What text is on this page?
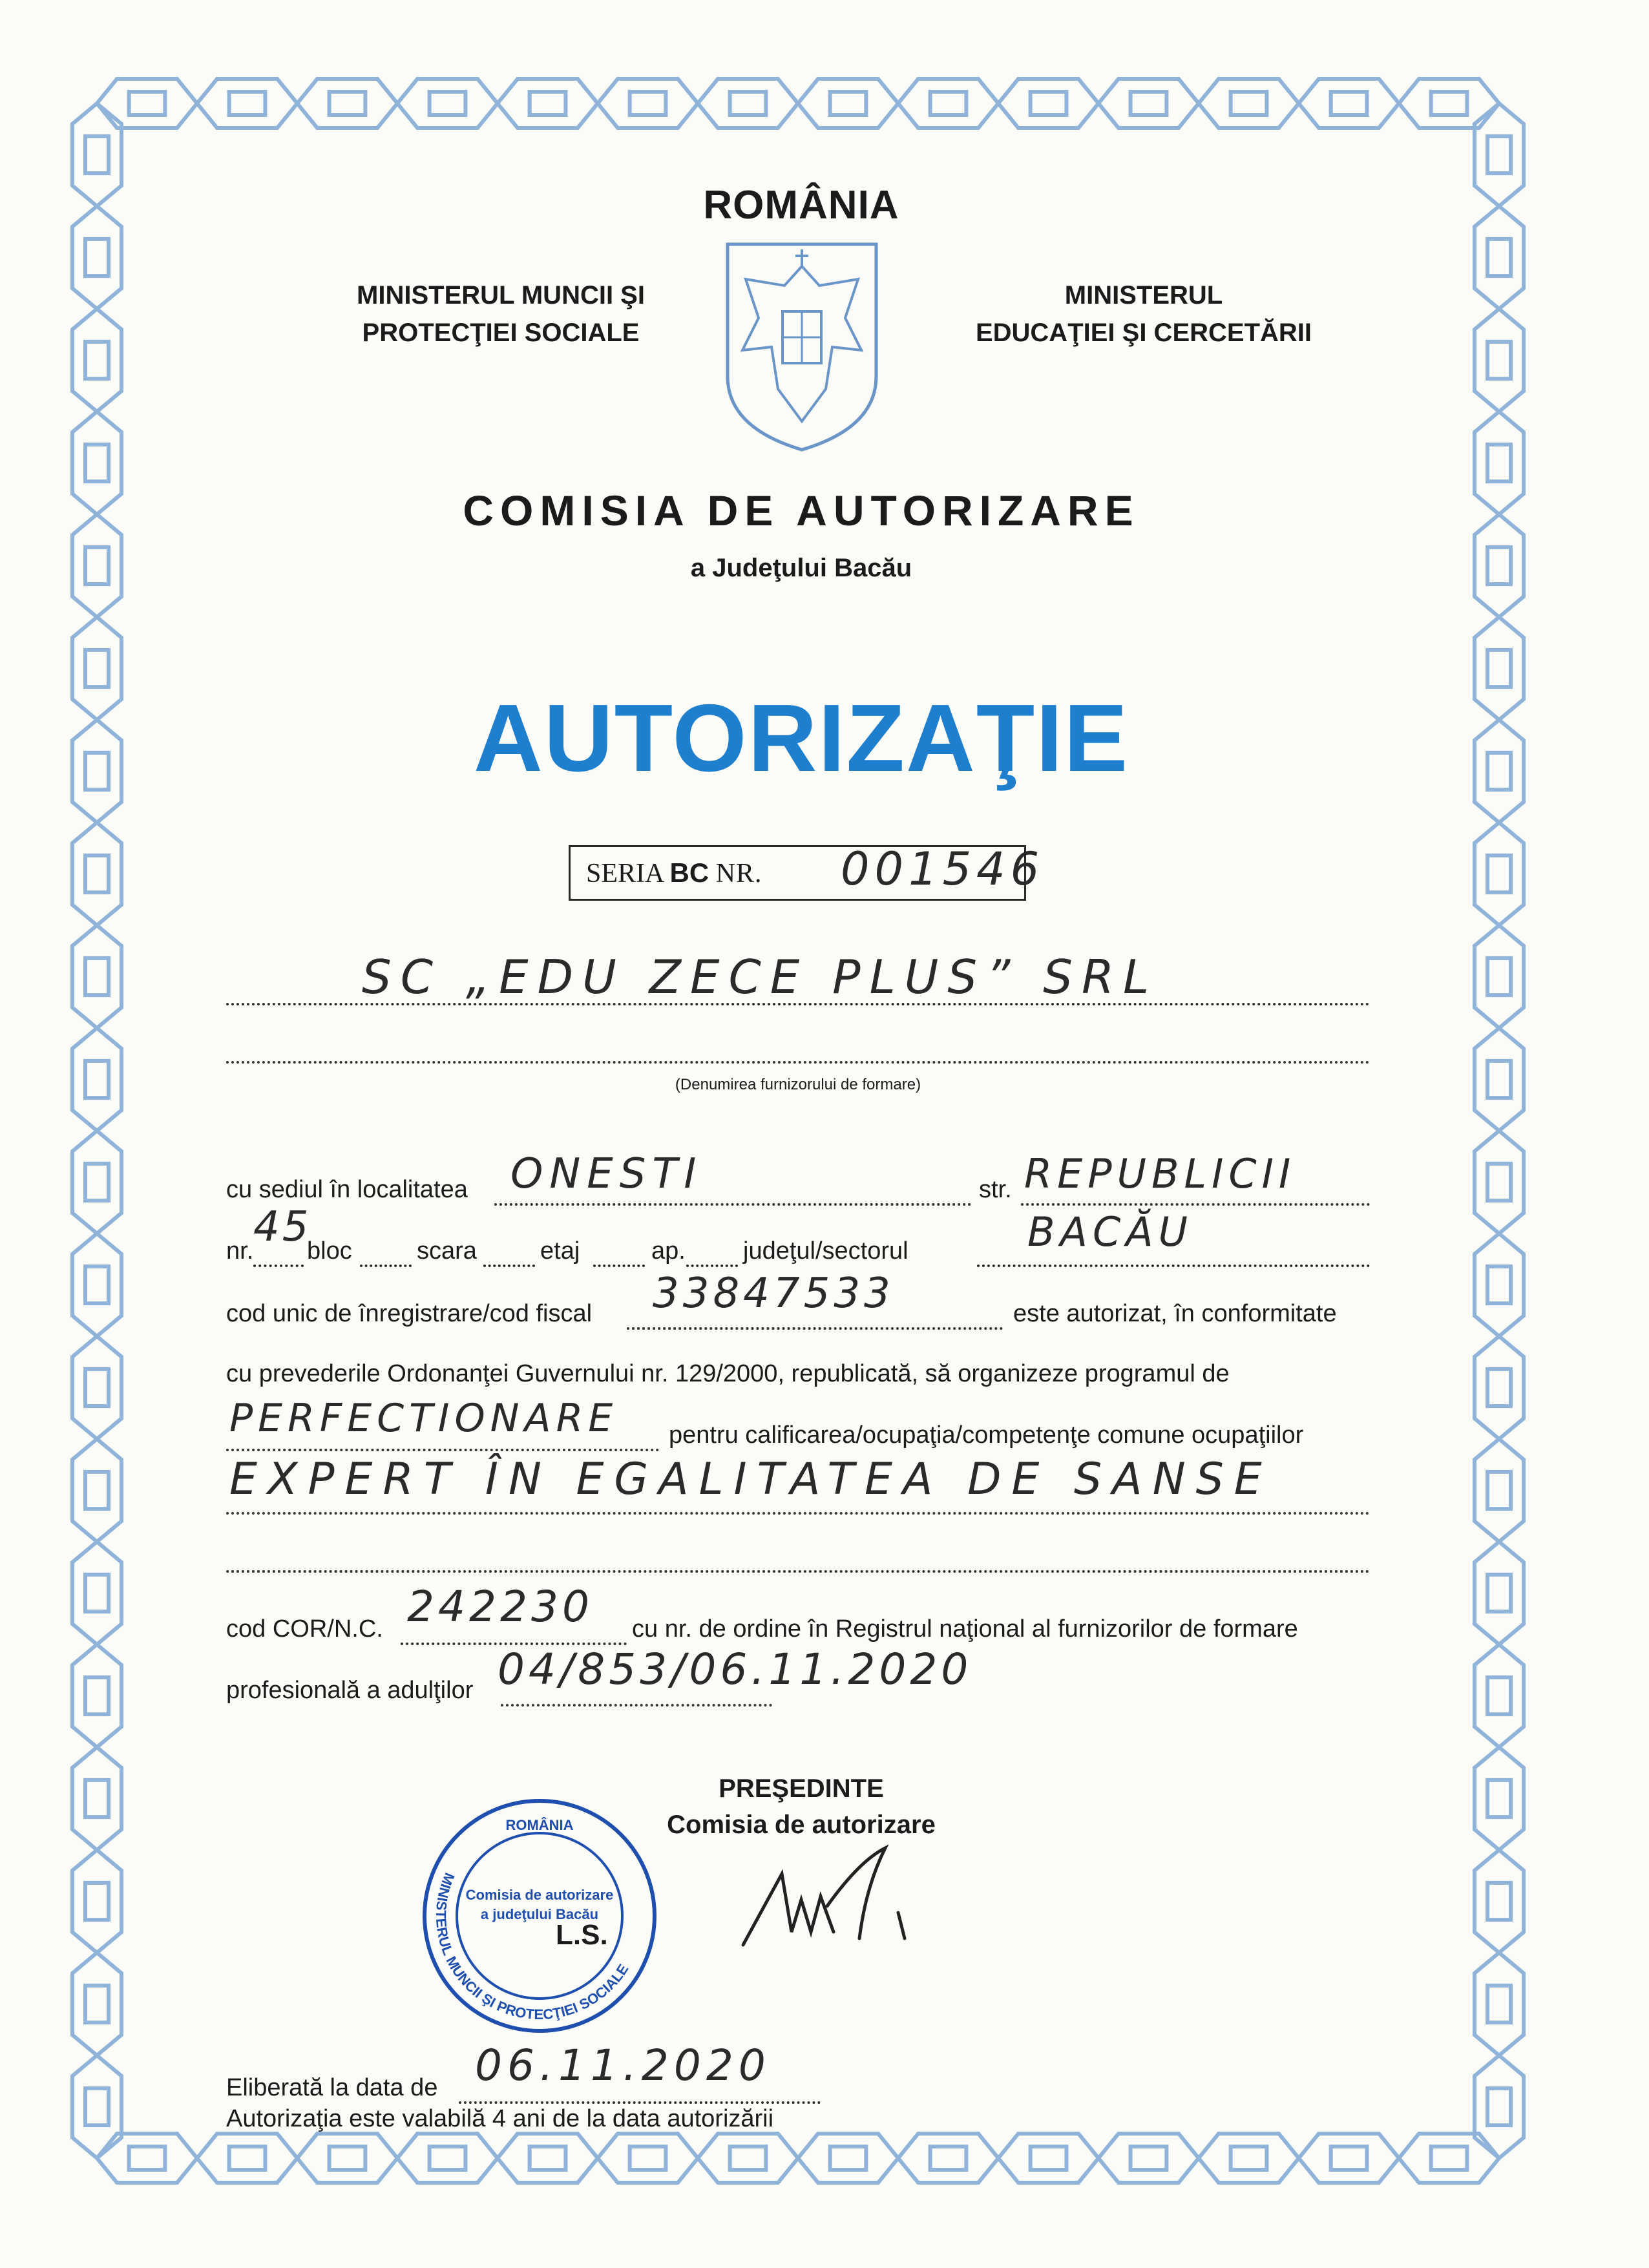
ROMÂNIA
MINISTERUL MUNCII ŞI
PROTECŢIEI SOCIALE
MINISTERUL
EDUCAŢIEI ŞI CERCETĂRII
COMISIA DE AUTORIZARE
a Judeţului Bacău
AUTORIZAŢIE
SERIA BC NR. 001546
SC „EDU ZECE PLUS” SRL
(Denumirea furnizorului de formare)
cu sediul în localitatea ONESTI	str. REPUBLICII
nr. 45
bloc	scara	etaj	ap. judeţul/sectorul	BACĂU
cod unic de înregistrare/cod fiscal 33847533	este autorizat, în conformitate
cu prevederile Ordonanţei Guvernului nr. 129/2000, republicată, să organizeze programul de
PERFECTIONARE pentru calificarea/ocupaţia/competenţe comune ocupaţiilor
EXPERT ÎN EGALITATEA DE SANSE
cod COR/N.C. 242230 cu nr. de ordine în Registrul naţional al furnizorilor de formare
profesională a adulţilor 04/853/06.11.2020
PREŞEDINTE
Comisia de autorizare
MINISTERUL MUNCII ŞI PROTECŢIEI SOCIALE
ROMÂNIA
Comisia de autorizare
a judeţului Bacău
L.S.
Eliberată la data de 06.11.2020
Autorizaţia este valabilă 4 ani de la data autorizării
